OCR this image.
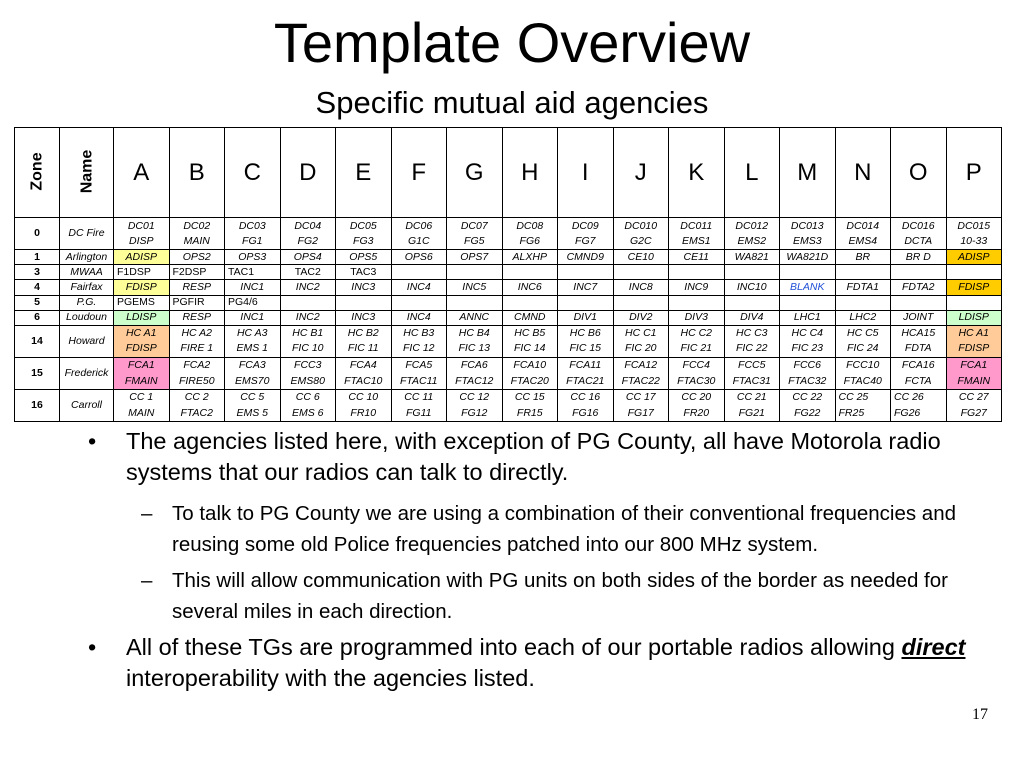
Template Overview
Specific mutual aid agencies
Zone	Name	A	B	C	D	E	F	G	H	I	J	K	L	M	N	O	P
0	DC Fire	DC01	DC02	DC03	DC04	DC05	DC06	DC07	DC08	DC09	DC010	DC011	DC012	DC013	DC014	DC016	DC015
		DISP	MAIN	FG1	FG2	FG3	G1C	FG5	FG6	FG7	G2C	EMS1	EMS2	EMS3	EMS4	DCTA	10-33
1	Arlington	ADISP	OPS2	OPS3	OPS4	OPS5	OPS6	OPS7	ALXHP	CMND9	CE10	CE11	WA821	WA821D	BR	BR D	ADISP
3	MWAA	F1DSP	F2DSP	TAC1	TAC2	TAC3											
4	Fairfax	FDISP	RESP	INC1	INC2	INC3	INC4	INC5	INC6	INC7	INC8	INC9	INC10	BLANK	FDTA1	FDTA2	FDISP
5	P.G.	PGEMS	PGFIR	PG4/6													
6	Loudoun	LDISP	RESP	INC1	INC2	INC3	INC4	ANNC	CMND	DIV1	DIV2	DIV3	DIV4	LHC1	LHC2	JOINT	LDISP
14	Howard	HC A1	HC A2	HC A3	HC B1	HC B2	HC B3	HC B4	HC B5	HC B6	HC C1	HC C2	HC C3	HC C4	HC C5	HCA15	HC A1
		FDISP	FIRE 1	EMS 1	FIC 10	FIC 11	FIC 12	FIC 13	FIC 14	FIC 15	FIC 20	FIC 21	FIC 22	FIC 23	FIC 24	FDTA	FDISP
15	Frederick	FCA1	FCA2	FCA3	FCC3	FCA4	FCA5	FCA6	FCA10	FCA11	FCA12	FCC4	FCC5	FCC6	FCC10	FCA16	FCA1
		FMAIN	FIRE50	EMS70	EMS80	FTAC10	FTAC11	FTAC12	FTAC20	FTAC21	FTAC22	FTAC30	FTAC31	FTAC32	FTAC40	FCTA	FMAIN
16	Carroll	CC 1	CC 2	CC 5	CC 6	CC 10	CC 11	CC 12	CC 15	CC 16	CC 17	CC 20	CC 21	CC 22	CC 25	CC 26	CC 27
		MAIN	FTAC2	EMS 5	EMS 6	FR10	FG11	FG12	FR15	FG16	FG17	FR20	FG21	FG22	FR25	FG26	FG27
• The agencies listed here, with exception of PG County, all have Motorola radio systems that our radios can talk to directly.
– To talk to PG County we are using a combination of their conventional frequencies and reusing some old Police frequencies patched into our 800 MHz system.
– This will allow communication with PG units on both sides of the border as needed for several miles in each direction.
• All of these TGs are programmed into each of our portable radios allowing direct interoperability with the agencies listed.
17
